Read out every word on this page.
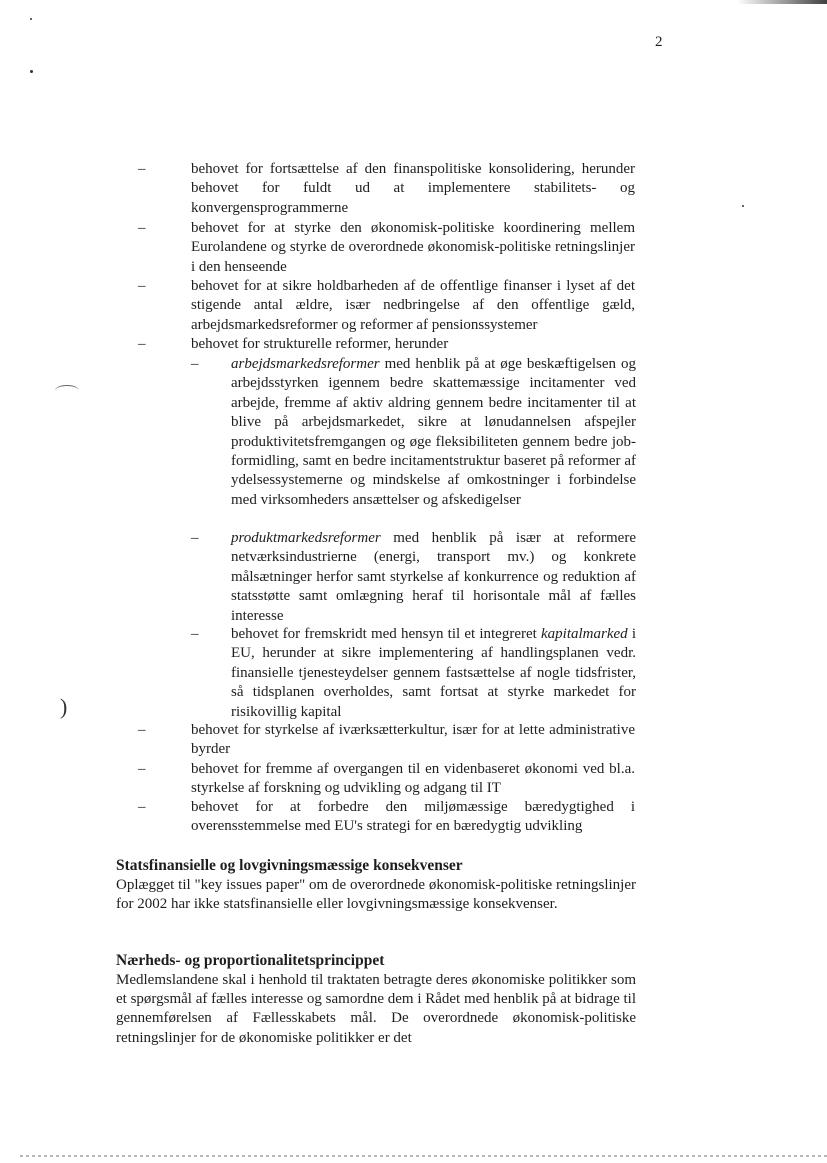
)
2
–	behovet for fortsættelse af den finanspolitiske konsolidering, herunder behovet for fuldt ud at implementere stabilitets- og konvergensprogrammerne

–	behovet for at styrke den økonomisk-politiske koordinering mellem Eurolandene og styrke de overordnede økonomisk-politiske retningslinjer i den henseende

–	behovet for at sikre holdbarheden af de offentlige finanser i lyset af det stigende antal ældre, især nedbringelse af den offentlige gæld, arbejdsmarkedsreformer og reformer af pensionssystemer

–	behovet for strukturelle reformer, herunder

– arbejdsmarkedsreformer med henblik på at øge beskæftigelsen og arbejdsstyrken igennem bedre skattemæssige incitamenter ved arbejde, fremme af aktiv aldring gennem bedre incitamenter til at blive på arbejdsmarkedet, sikre at lønudannelsen afspejler produktivitetsfremgangen og øge fleksibiliteten gennem bedre job-formidling, samt en bedre incitamentstruktur baseret på reformer af ydelsessystemerne og mindskelse af omkostninger i forbindelse med virksomheders ansættelser og afskedigelser

– produktmarkedsreformer med henblik på især at reformere netværksindustrierne (energi, transport mv.) og konkrete målsætninger herfor samt styrkelse af konkurrence og reduktion af statsstøtte samt omlægning heraf til horisontale mål af fælles interesse

– behovet for fremskridt med hensyn til et integreret kapitalmarked i EU, herunder at sikre implementering af handlingsplanen vedr. finansielle tjenesteydelser gennem fastsættelse af nogle tidsfrister, så tidsplanen overholdes, samt fortsat at styrke markedet for risikovillig kapital

–	behovet for styrkelse af iværksætterkultur, især for at lette administrative byrder

–	behovet for fremme af overgangen til en videnbaseret økonomi ved bl.a. styrkelse af forskning og udvikling og adgang til IT

–	behovet for at forbedre den miljømæssige bæredygtighed i overensstemmelse med EU's strategi for en bæredygtig udvikling

Statsfinansielle og lovgivningsmæssige konsekvenser

Oplægget til "key issues paper" om de overordnede økonomisk-politiske retningslinjer for 2002 har ikke statsfinansielle eller lovgivningsmæssige konsekvenser.

Nærheds- og proportionalitetsprincippet

Medlemslandene skal i henhold til traktaten betragte deres økonomiske politikker som et spørgsmål af fælles interesse og samordne dem i Rådet med henblik på at bidrage til gennemførelsen af Fællesskabets mål. De overordnede økonomisk-politiske retningslinjer for de økonomiske politikker er det
